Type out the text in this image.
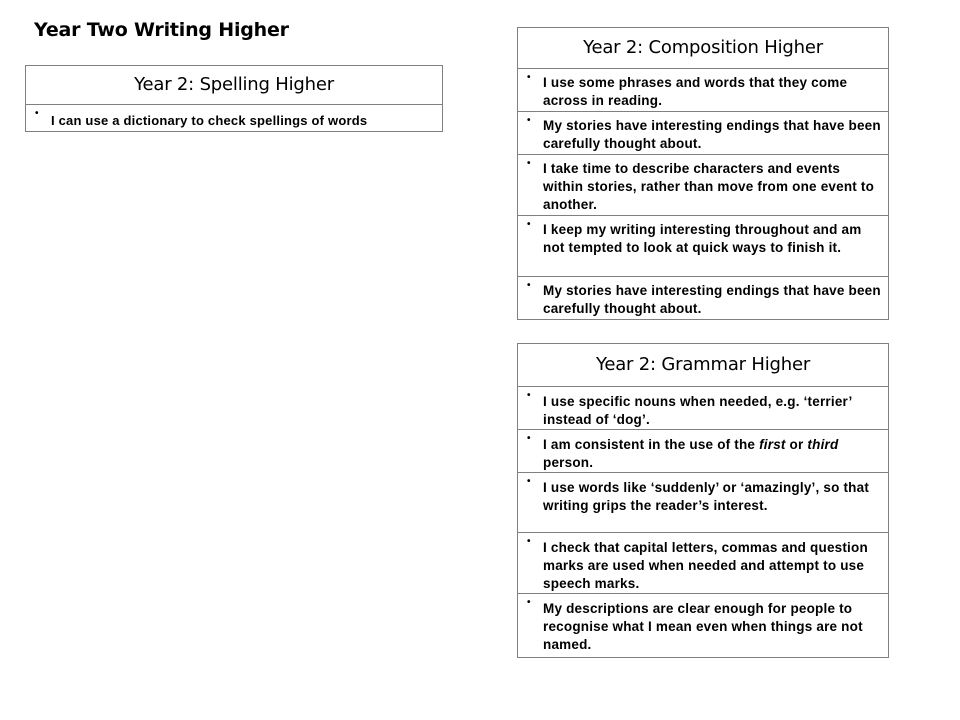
Year Two Writing Higher
Year 2: Spelling Higher

• I can use a dictionary to check spellings of words
Year 2: Composition Higher

• I use some phrases and words that they come across in reading.

• My stories have interesting endings that have been carefully thought about.

• I take time to describe characters and events within stories, rather than move from one event to another.

• I keep my writing interesting throughout and am not tempted to look at quick ways to finish it.

• My stories have interesting endings that have been carefully thought about.
Year 2: Grammar Higher

• I use specific nouns when needed, e.g. ‘terrier’ instead of ‘dog’.

• I am consistent in the use of the first or third person.

• I use words like ‘suddenly’ or ‘amazingly’, so that writing grips the reader’s interest.

• I check that capital letters, commas and question marks are used when needed and attempt to use speech marks.

• My descriptions are clear enough for people to recognise what I mean even when things are not named.
